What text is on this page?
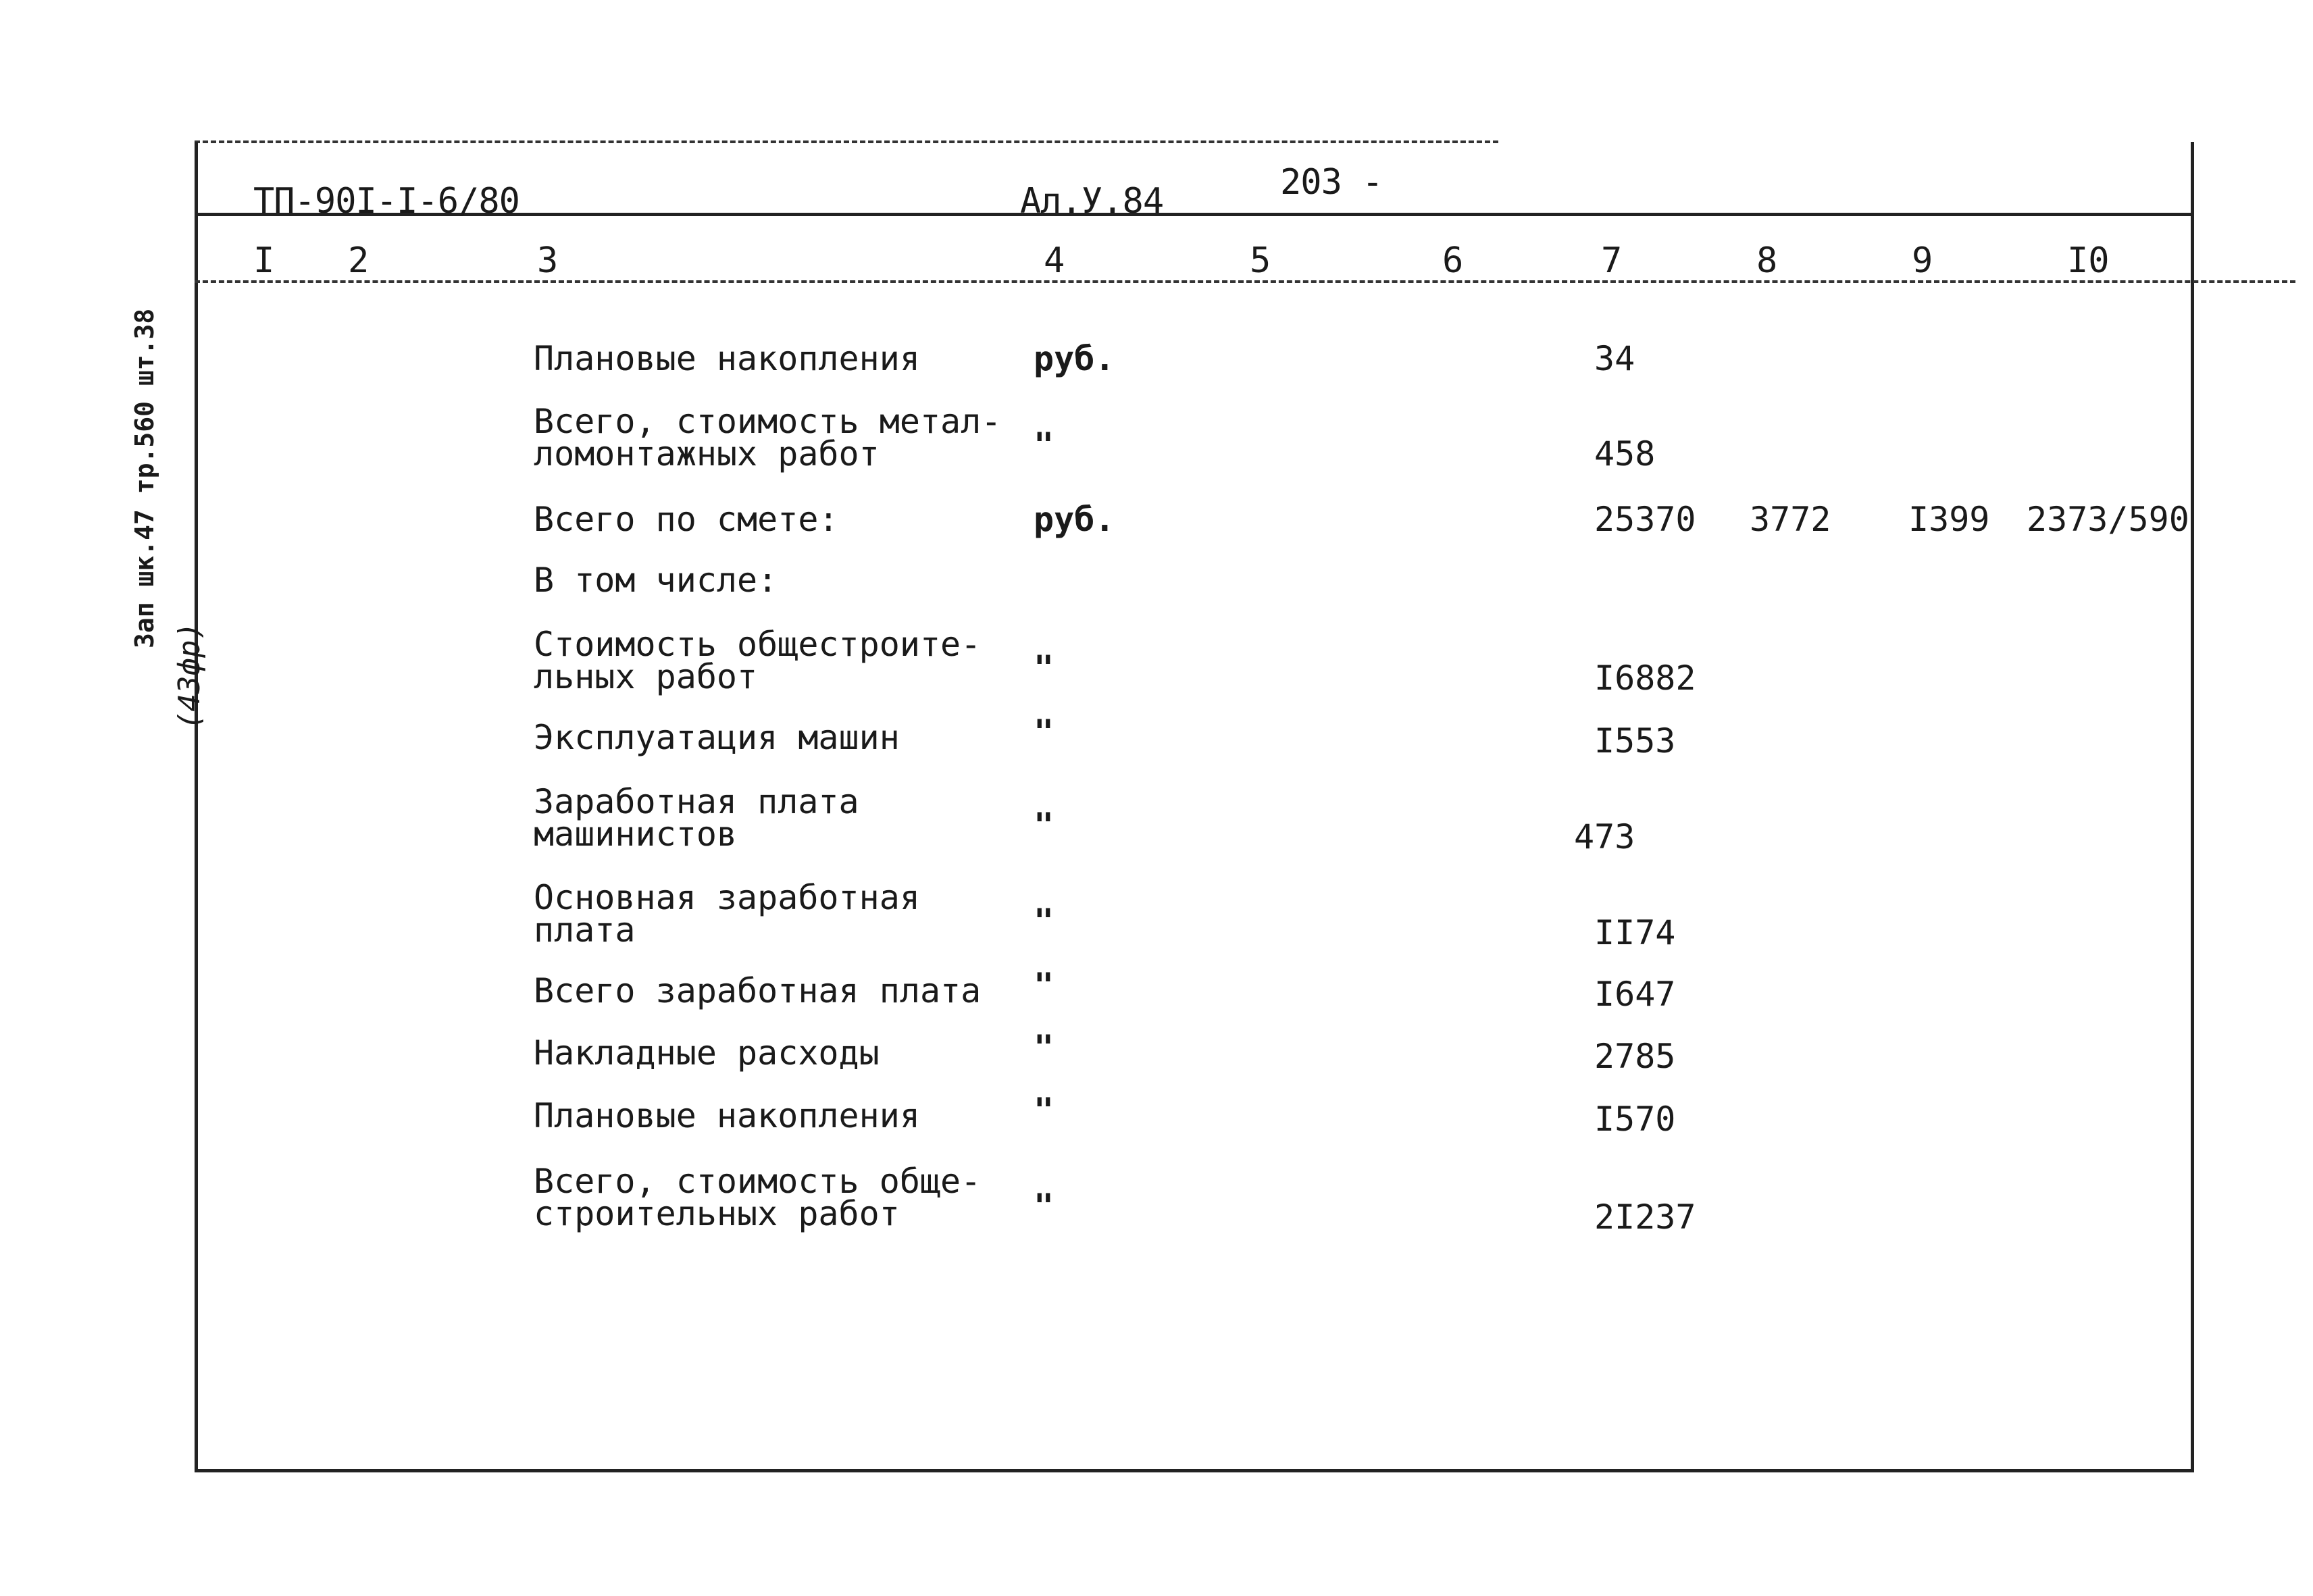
ТП-90I-I-6/80	Ал.У.84	203 -
Зап шк.47 тр.560 шт.38
(43фр)
I 2	3	4	5	6	7	8	9	I0
Плановые накопления	руб.	34
Всего, стоимость метал-
ломонтажных работ	"	458
Всего по смете:	руб.	25370 3772 I399 2373/590
В том числе:
Стоимость общестроите-
льных работ	"	I6882
Эксплуатация машин	"	I553
Заработная плата
машинистов	"	473
Основная заработная
плата	"	II74
Всего заработная плата "	I647
Накладные расходы	"	2785
Плановые накопления	"	I570
Всего, стоимость обще-
строительных работ	"	2I237
